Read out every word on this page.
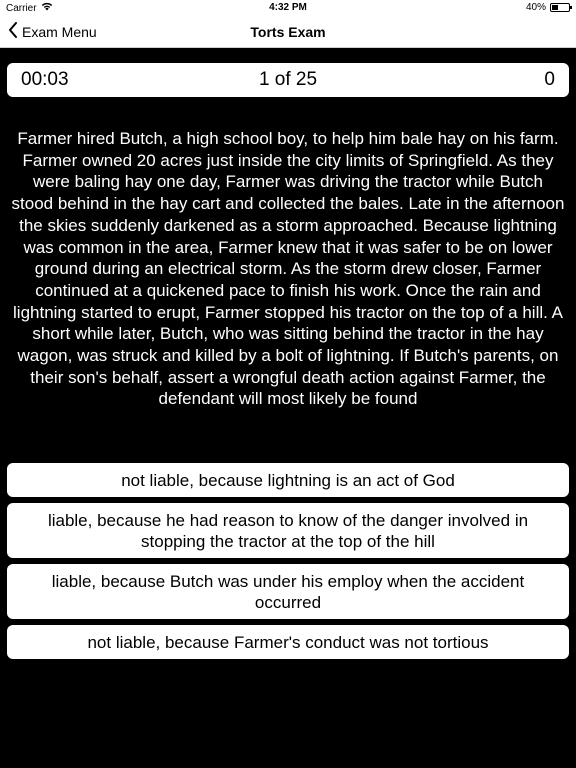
Carrier	4:32 PM	40%
Exam Menu	Torts Exam
00:03	1 of 25	0
Farmer hired Butch, a high school boy, to help him bale hay on his farm. Farmer owned 20 acres just inside the city limits of Springfield. As they were baling hay one day, Farmer was driving the tractor while Butch stood behind in the hay cart and collected the bales. Late in the afternoon the skies suddenly darkened as a storm approached. Because lightning was common in the area, Farmer knew that it was safer to be on lower ground during an electrical storm. As the storm drew closer, Farmer continued at a quickened pace to finish his work. Once the rain and lightning started to erupt, Farmer stopped his tractor on the top of a hill. A short while later, Butch, who was sitting behind the tractor in the hay wagon, was struck and killed by a bolt of lightning. If Butch's parents, on their son's behalf, assert a wrongful death action against Farmer, the defendant will most likely be found
not liable, because lightning is an act of God
liable, because he had reason to know of the danger involved in stopping the tractor at the top of the hill
liable, because Butch was under his employ when the accident occurred
not liable, because Farmer's conduct was not tortious
